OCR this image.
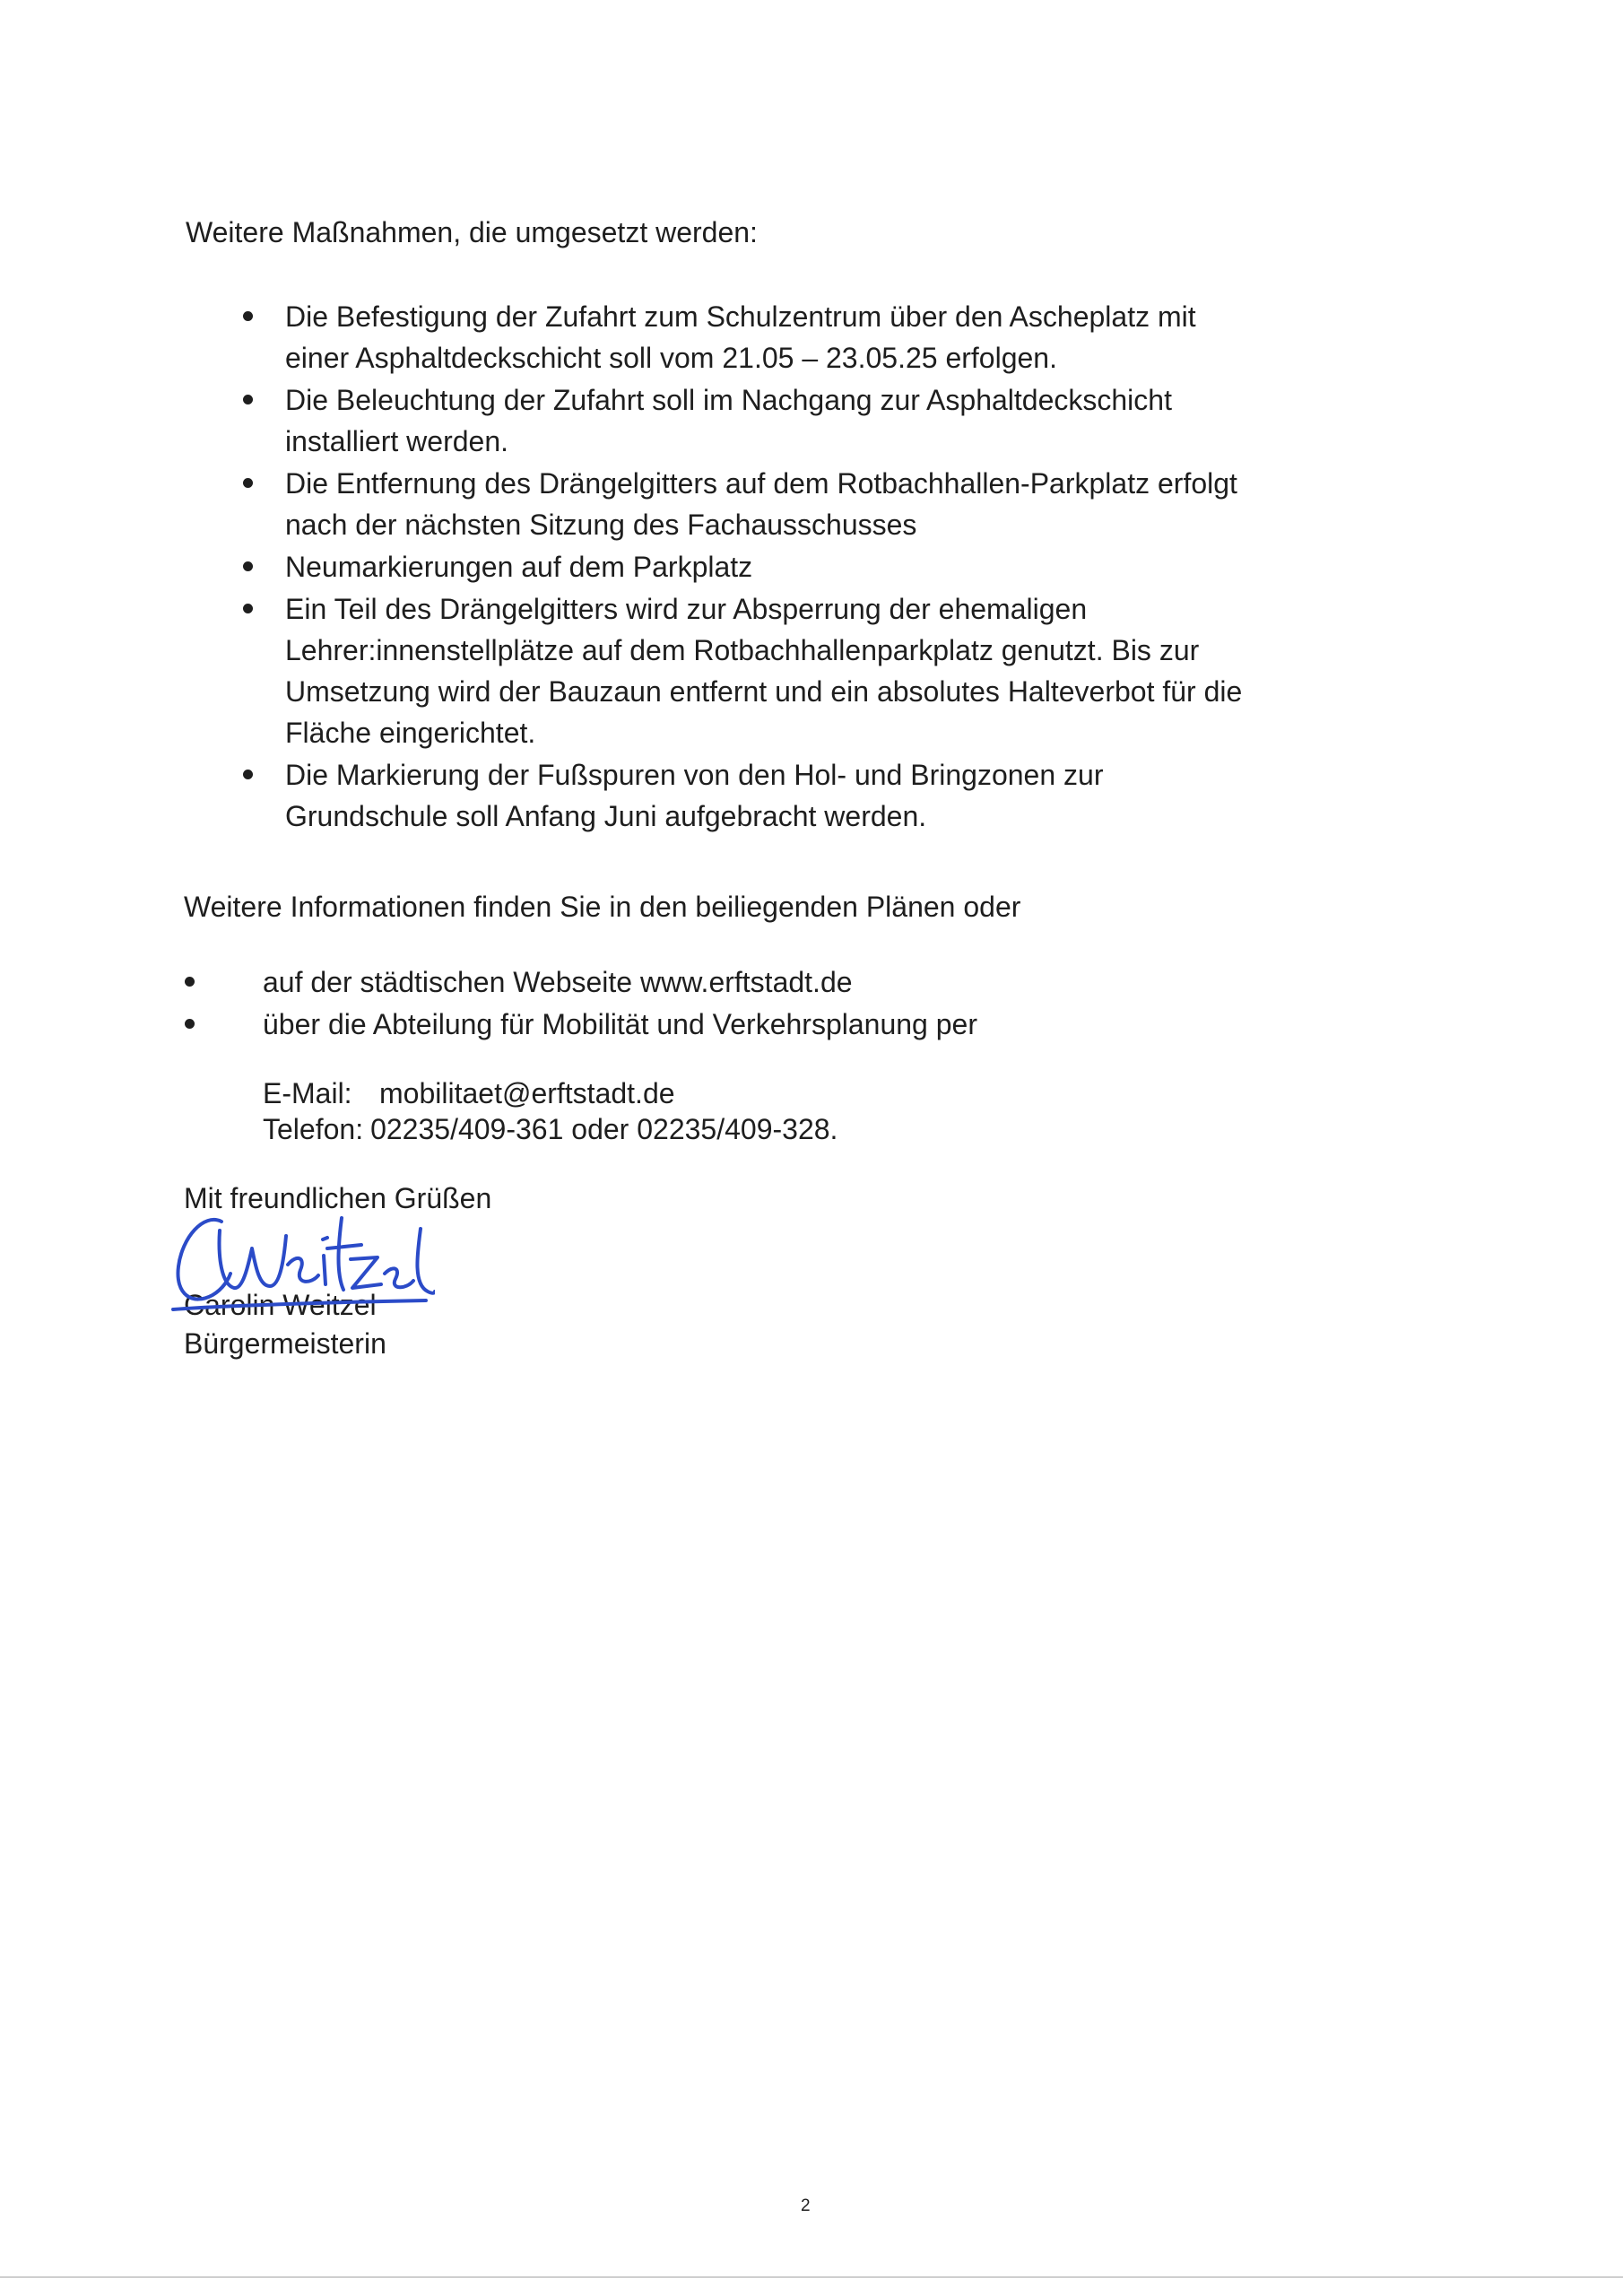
Weitere Maßnahmen, die umgesetzt werden:
Die Befestigung der Zufahrt zum Schulzentrum über den Ascheplatz mit einer Asphaltdeckschicht soll vom 21.05 – 23.05.25 erfolgen.
Die Beleuchtung der Zufahrt soll im Nachgang zur Asphaltdeckschicht installiert werden.
Die Entfernung des Drängelgitters auf dem Rotbachhallen-Parkplatz erfolgt nach der nächsten Sitzung des Fachausschusses
Neumarkierungen auf dem Parkplatz
Ein Teil des Drängelgitters wird zur Absperrung der ehemaligen Lehrer:innenstellplätze auf dem Rotbachhallenparkplatz genutzt. Bis zur Umsetzung wird der Bauzaun entfernt und ein absolutes Halteverbot für die Fläche eingerichtet.
Die Markierung der Fußspuren von den Hol- und Bringzonen zur Grundschule soll Anfang Juni aufgebracht werden.
Weitere Informationen finden Sie in den beiliegenden Plänen oder
auf der städtischen Webseite www.erftstadt.de
über die Abteilung für Mobilität und Verkehrsplanung per
E-Mail: mobilitaet@erftstadt.de
Telefon: 02235/409-361 oder 02235/409-328.
Mit freundlichen Grüßen
Carolin Weitzel
Bürgermeisterin
2
